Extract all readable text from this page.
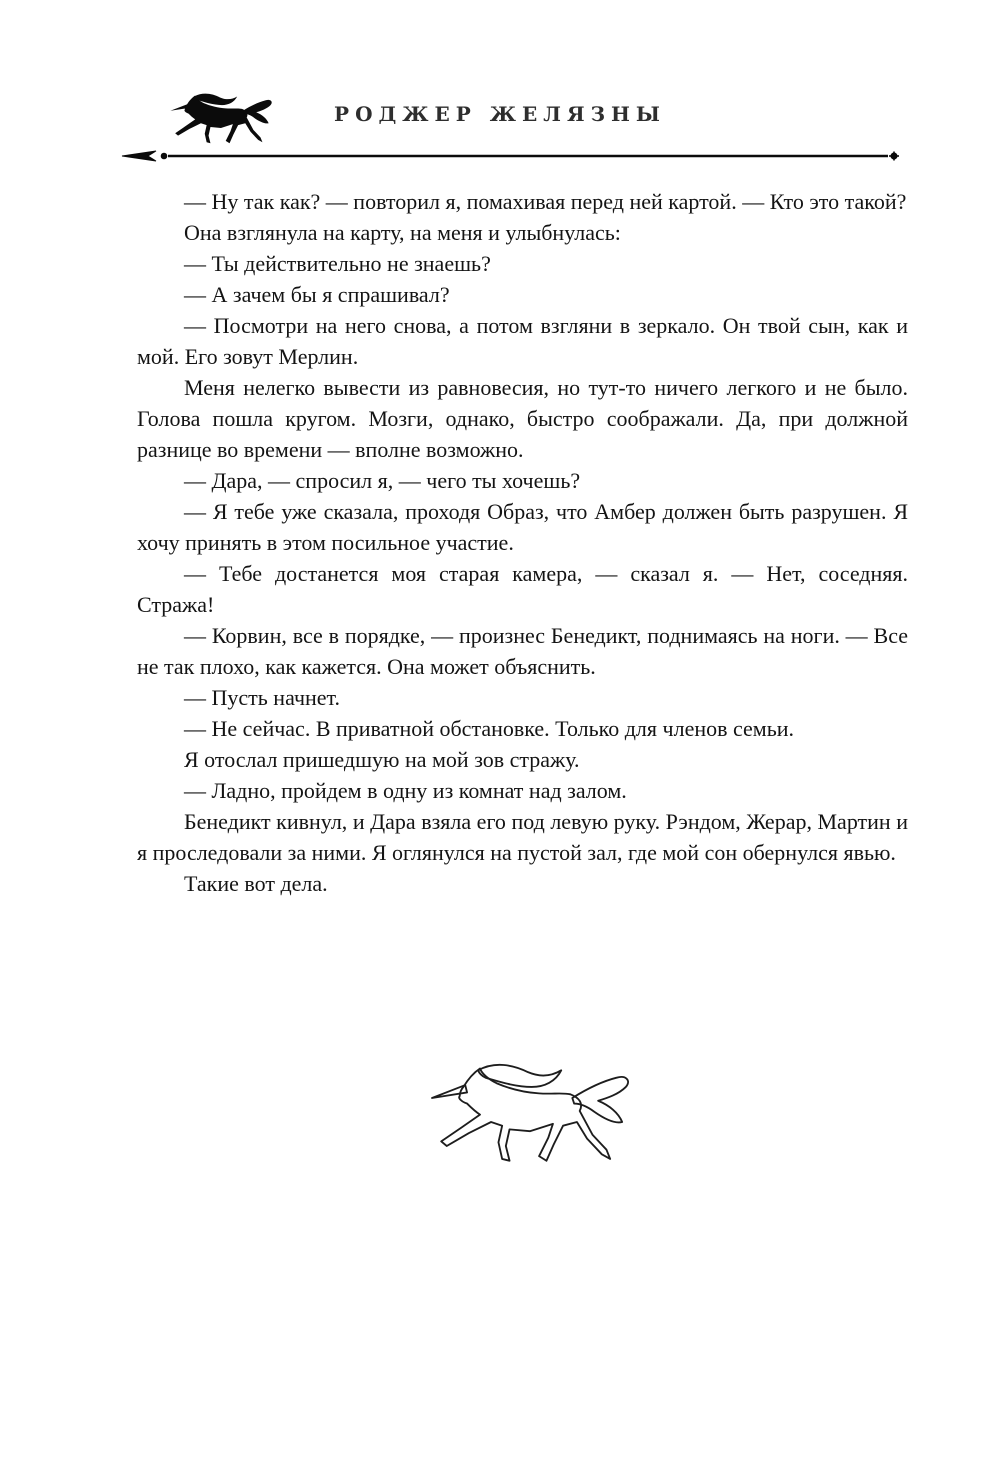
РОДЖЕР ЖЕЛЯЗНЫ

— Ну так как? — повторил я, помахивая перед ней картой. — Кто это такой?

Она взглянула на карту, на меня и улыбнулась:

— Ты действительно не знаешь?

— А зачем бы я спрашивал?

— Посмотри на него снова, а потом взгляни в зеркало. Он твой сын, как и мой. Его зовут Мерлин.

Меня нелегко вывести из равновесия, но тут-то ничего легкого и не было. Голова пошла кругом. Мозги, однако, быстро соображали. Да, при должной разнице во времени — вполне возможно.

— Дара, — спросил я, — чего ты хочешь?

— Я тебе уже сказала, проходя Образ, что Амбер должен быть разрушен. Я хочу принять в этом посильное участие.

— Тебе достанется моя старая камера, — сказал я. — Нет, соседняя. Стража!

— Корвин, все в порядке, — произнес Бенедикт, поднимаясь на ноги. — Все не так плохо, как кажется. Она может объяснить.

— Пусть начнет.

— Не сейчас. В приватной обстановке. Только для членов семьи.

Я отослал пришедшую на мой зов стражу.

— Ладно, пройдем в одну из комнат над залом.

Бенедикт кивнул, и Дара взяла его под левую руку. Рэндом, Жерар, Мартин и я проследовали за ними. Я оглянулся на пустой зал, где мой сон обернулся явью.

Такие вот дела.
